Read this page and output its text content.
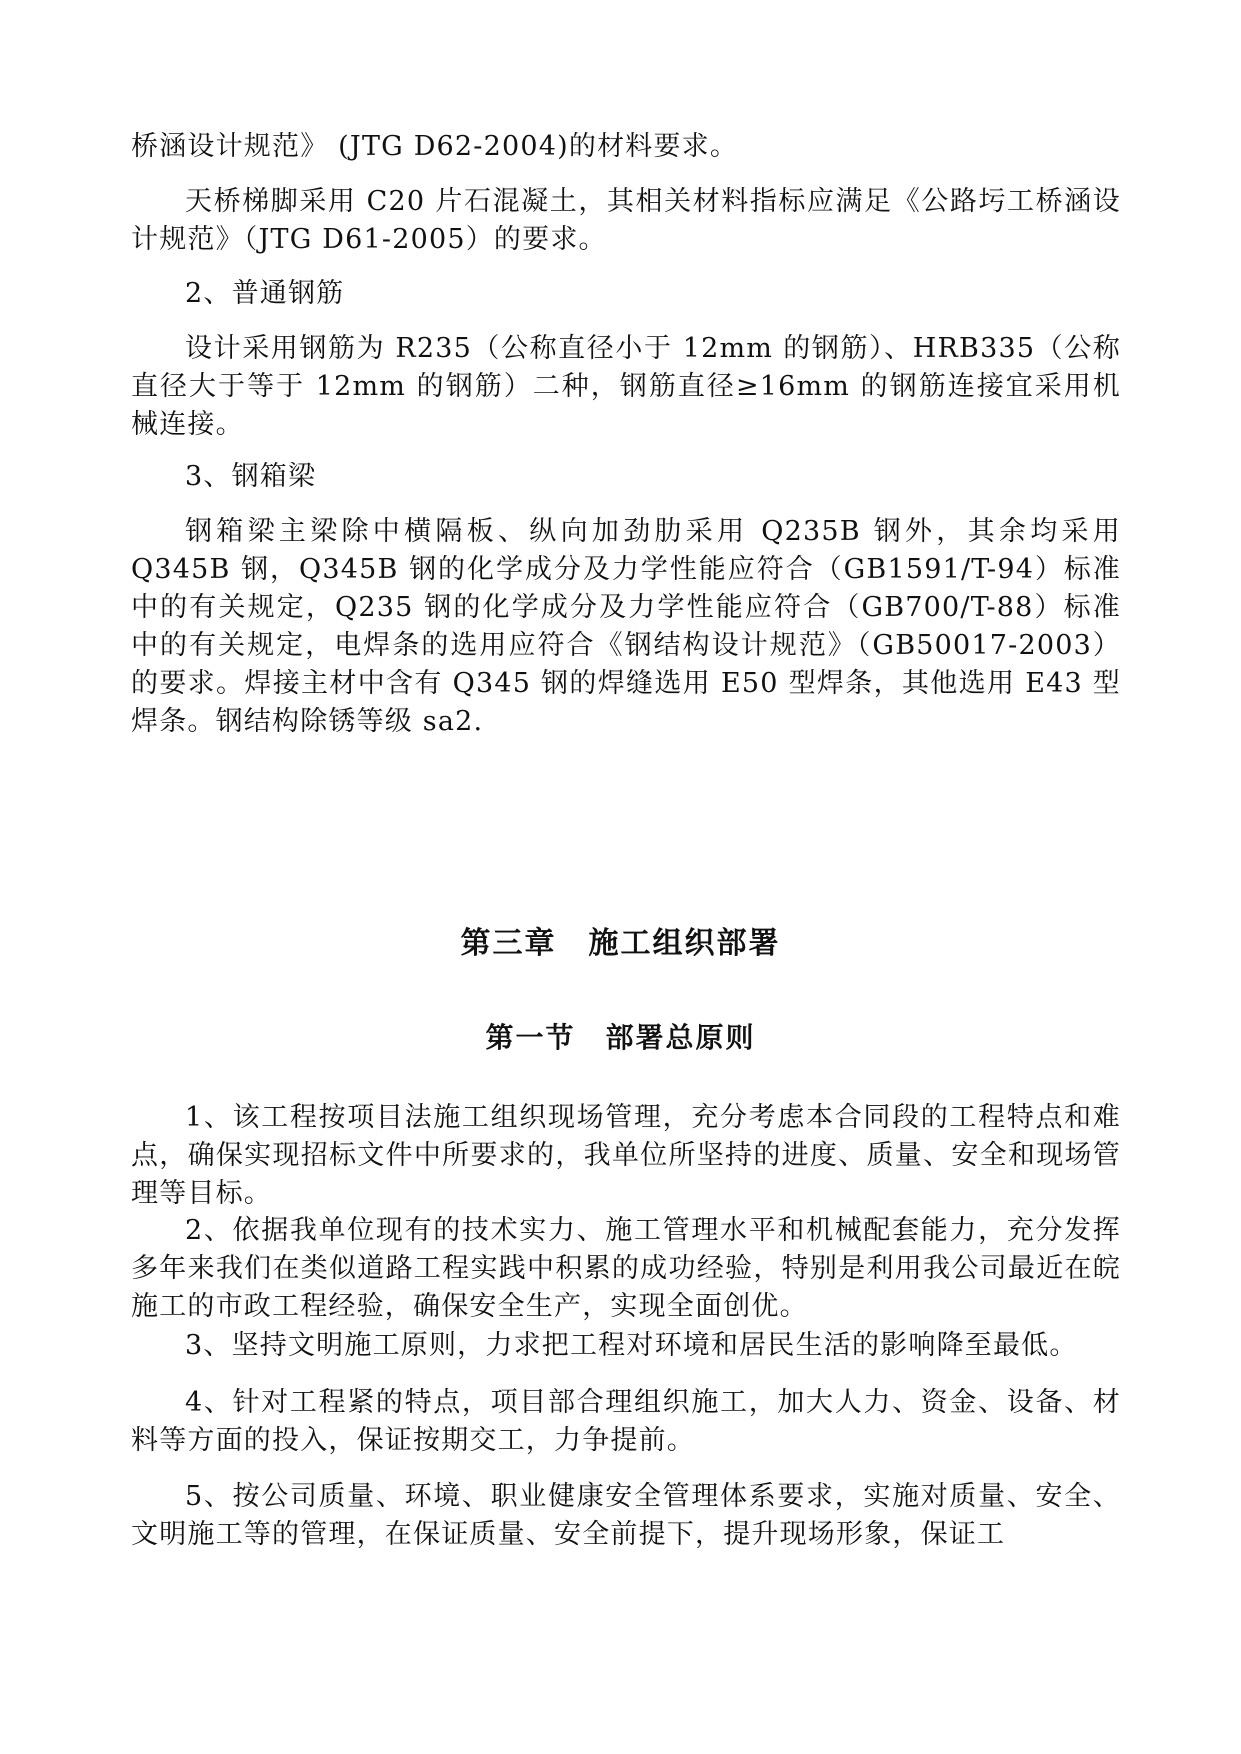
桥涵设计规范》 (JTG D62-2004)的材料要求。

天桥梯脚采用 C20 片石混凝土，其相关材料指标应满足《公路圬工桥涵设计规范》（JTG D61-2005）的要求。

2、普通钢筋

设计采用钢筋为 R235（公称直径小于 12mm 的钢筋）、HRB335（公称直径大于等于 12mm 的钢筋）二种，钢筋直径≥16mm 的钢筋连接宜采用机械连接。

3、钢箱梁

钢箱梁主梁除中横隔板、纵向加劲肋采用 Q235B 钢外，其余均采用 Q345B 钢，Q345B 钢的化学成分及力学性能应符合（GB1591/T-94）标准中的有关规定，Q235 钢的化学成分及力学性能应符合（GB700/T-88）标准中的有关规定，电焊条的选用应符合《钢结构设计规范》（GB50017-2003）的要求。焊接主材中含有 Q345 钢的焊缝选用 E50 型焊条，其他选用 E43 型焊条。钢结构除锈等级 sa2.

第三章　施工组织部署
第一节　部署总原则

1、该工程按项目法施工组织现场管理，充分考虑本合同段的工程特点和难点，确保实现招标文件中所要求的，我单位所坚持的进度、质量、安全和现场管理等目标。

2、依据我单位现有的技术实力、施工管理水平和机械配套能力，充分发挥多年来我们在类似道路工程实践中积累的成功经验，特别是利用我公司最近在皖施工的市政工程经验，确保安全生产，实现全面创优。

3、坚持文明施工原则，力求把工程对环境和居民生活的影响降至最低。

4、针对工程紧的特点，项目部合理组织施工，加大人力、资金、设备、材料等方面的投入，保证按期交工，力争提前。

5、按公司质量、环境、职业健康安全管理体系要求，实施对质量、安全、文明施工等的管理，在保证质量、安全前提下，提升现场形象，保证工
